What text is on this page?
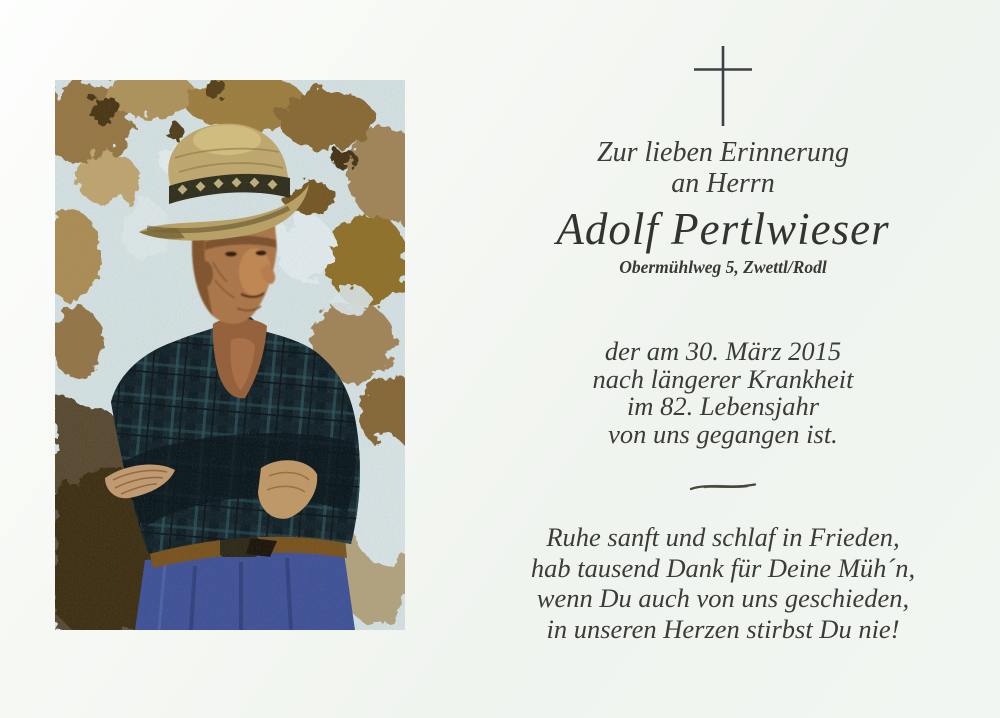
Zur lieben Erinnerung
an Herrn
Adolf Pertlwieser
Obermühlweg 5, Zwettl/Rodl
der am 30. März 2015
nach längerer Krankheit
im 82. Lebensjahr
von uns gegangen ist.
Ruhe sanft und schlaf in Frieden,
hab tausend Dank für Deine Müh´n,
wenn Du auch von uns geschieden,
in unseren Herzen stirbst Du nie!
